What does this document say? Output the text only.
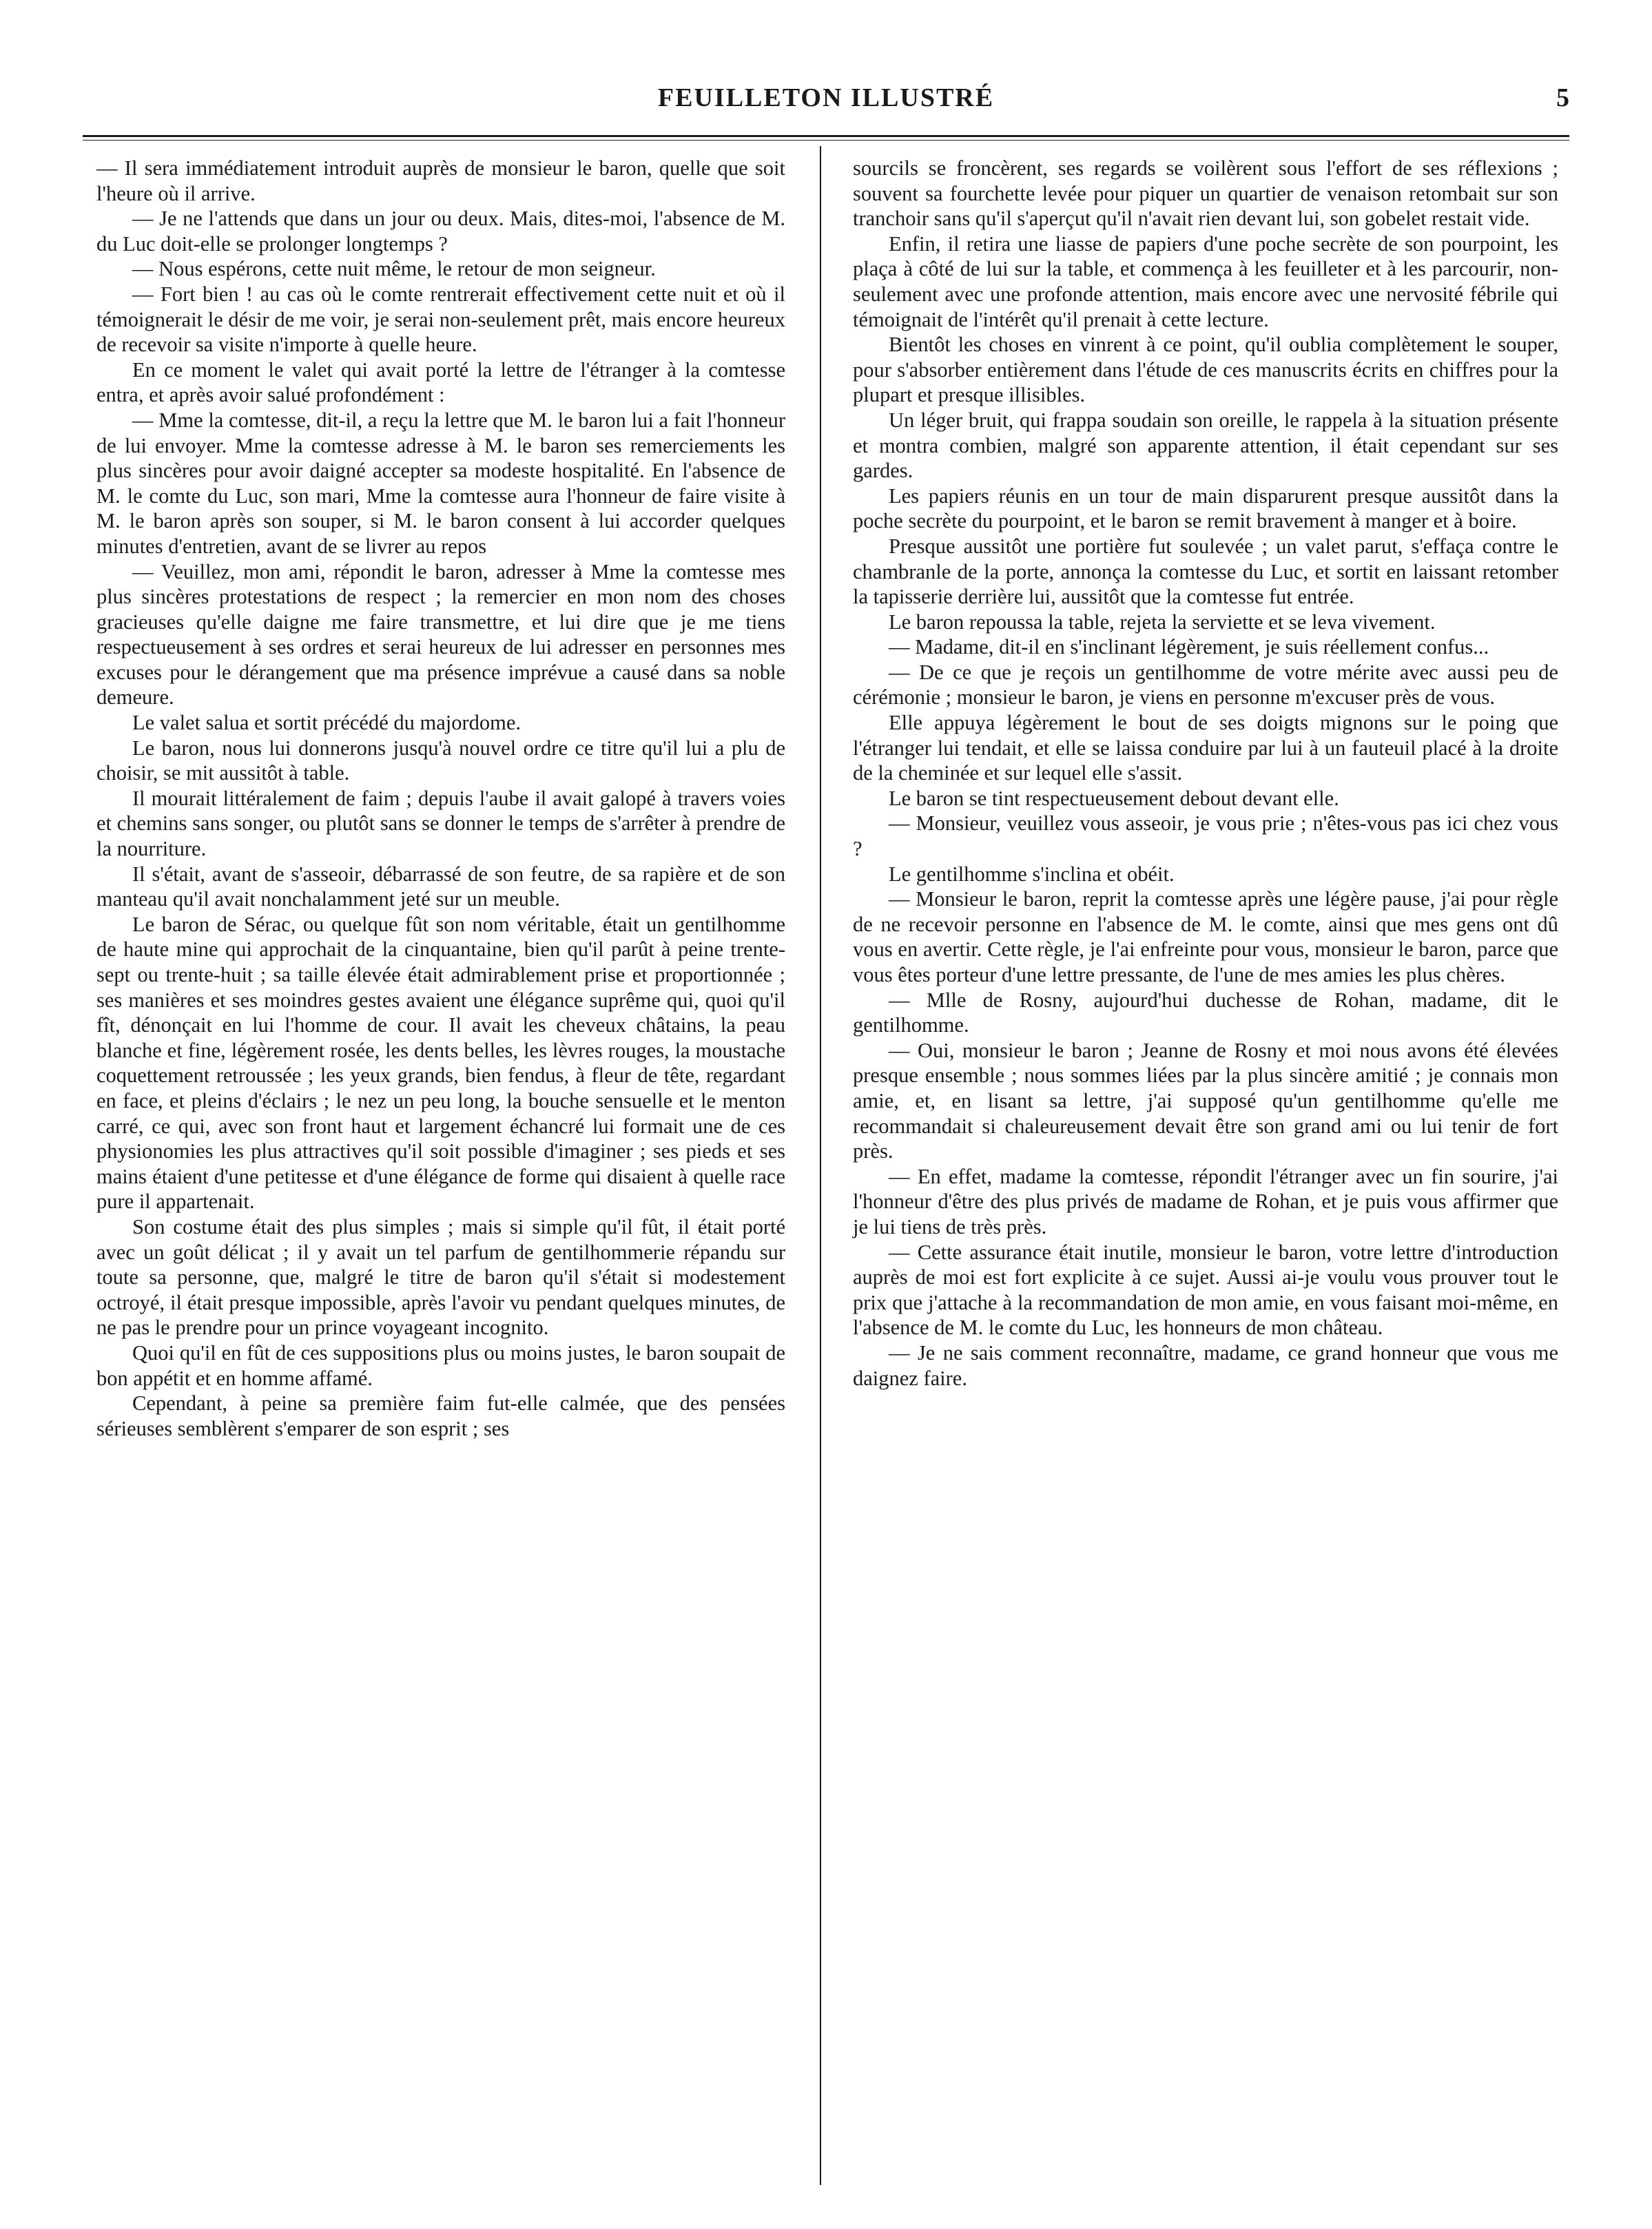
FEUILLETON ILLUSTRÉ	5

— Il sera immédiatement introduit auprès de monsieur le baron, quelle que soit l'heure où il arrive.

— Je ne l'attends que dans un jour ou deux. Mais, dites-moi, l'absence de M. du Luc doit-elle se prolonger longtemps ?

— Nous espérons, cette nuit même, le retour de mon seigneur.

— Fort bien ! au cas où le comte rentrerait effectivement cette nuit et où il témoignerait le désir de me voir, je serai non-seulement prêt, mais encore heureux de recevoir sa visite n'importe à quelle heure.

En ce moment le valet qui avait porté la lettre de l'étranger à la comtesse entra, et après avoir salué profondément :

— Mme la comtesse, dit-il, a reçu la lettre que M. le baron lui a fait l'honneur de lui envoyer. Mme la comtesse adresse à M. le baron ses remerciements les plus sincères pour avoir daigné accepter sa modeste hospitalité. En l'absence de M. le comte du Luc, son mari, Mme la comtesse aura l'honneur de faire visite à M. le baron après son souper, si M. le baron consent à lui accorder quelques minutes d'entretien, avant de se livrer au repos

— Veuillez, mon ami, répondit le baron, adresser à Mme la comtesse mes plus sincères protestations de respect ; la remercier en mon nom des choses gracieuses qu'elle daigne me faire transmettre, et lui dire que je me tiens respectueusement à ses ordres et serai heureux de lui adresser en personnes mes excuses pour le dérangement que ma présence imprévue a causé dans sa noble demeure.

Le valet salua et sortit précédé du majordome.

Le baron, nous lui donnerons jusqu'à nouvel ordre ce titre qu'il lui a plu de choisir, se mit aussitôt à table.

Il mourait littéralement de faim ; depuis l'aube il avait galopé à travers voies et chemins sans songer, ou plutôt sans se donner le temps de s'arrêter à prendre de la nourriture.

Il s'était, avant de s'asseoir, débarrassé de son feutre, de sa rapière et de son manteau qu'il avait nonchalamment jeté sur un meuble.

Le baron de Sérac, ou quelque fût son nom véritable, était un gentilhomme de haute mine qui approchait de la cinquantaine, bien qu'il parût à peine trente-sept ou trente-huit ; sa taille élevée était admirablement prise et proportionnée ; ses manières et ses moindres gestes avaient une élégance suprême qui, quoi qu'il fît, dénonçait en lui l'homme de cour. Il avait les cheveux châtains, la peau blanche et fine, légèrement rosée, les dents belles, les lèvres rouges, la moustache coquettement retroussée ; les yeux grands, bien fendus, à fleur de tête, regardant en face, et pleins d'éclairs ; le nez un peu long, la bouche sensuelle et le menton carré, ce qui, avec son front haut et largement échancré lui formait une de ces physionomies les plus attractives qu'il soit possible d'imaginer ; ses pieds et ses mains étaient d'une petitesse et d'une élégance de forme qui disaient à quelle race pure il appartenait.

Son costume était des plus simples ; mais si simple qu'il fût, il était porté avec un goût délicat ; il y avait un tel parfum de gentilhommerie répandu sur toute sa personne, que, malgré le titre de baron qu'il s'était si modestement octroyé, il était presque impossible, après l'avoir vu pendant quelques minutes, de ne pas le prendre pour un prince voyageant incognito.

Quoi qu'il en fût de ces suppositions plus ou moins justes, le baron soupait de bon appétit et en homme affamé.

Cependant, à peine sa première faim fut-elle calmée, que des pensées sérieuses semblèrent s'emparer de son esprit ; ses

sourcils se froncèrent, ses regards se voilèrent sous l'effort de ses réflexions ; souvent sa fourchette levée pour piquer un quartier de venaison retombait sur son tranchoir sans qu'il s'aperçut qu'il n'avait rien devant lui, son gobelet restait vide.

Enfin, il retira une liasse de papiers d'une poche secrète de son pourpoint, les plaça à côté de lui sur la table, et commença à les feuilleter et à les parcourir, non-seulement avec une profonde attention, mais encore avec une nervosité fébrile qui témoignait de l'intérêt qu'il prenait à cette lecture.

Bientôt les choses en vinrent à ce point, qu'il oublia complètement le souper, pour s'absorber entièrement dans l'étude de ces manuscrits écrits en chiffres pour la plupart et presque illisibles.

Un léger bruit, qui frappa soudain son oreille, le rappela à la situation présente et montra combien, malgré son apparente attention, il était cependant sur ses gardes.

Les papiers réunis en un tour de main disparurent presque aussitôt dans la poche secrète du pourpoint, et le baron se remit bravement à manger et à boire.

Presque aussitôt une portière fut soulevée ; un valet parut, s'effaça contre le chambranle de la porte, annonça la comtesse du Luc, et sortit en laissant retomber la tapisserie derrière lui, aussitôt que la comtesse fut entrée.

Le baron repoussa la table, rejeta la serviette et se leva vivement.

— Madame, dit-il en s'inclinant légèrement, je suis réellement confus...

— De ce que je reçois un gentilhomme de votre mérite avec aussi peu de cérémonie ; monsieur le baron, je viens en personne m'excuser près de vous.

Elle appuya légèrement le bout de ses doigts mignons sur le poing que l'étranger lui tendait, et elle se laissa conduire par lui à un fauteuil placé à la droite de la cheminée et sur lequel elle s'assit.

Le baron se tint respectueusement debout devant elle.

— Monsieur, veuillez vous asseoir, je vous prie ; n'êtes-vous pas ici chez vous ?

Le gentilhomme s'inclina et obéit.

— Monsieur le baron, reprit la comtesse après une légère pause, j'ai pour règle de ne recevoir personne en l'absence de M. le comte, ainsi que mes gens ont dû vous en avertir. Cette règle, je l'ai enfreinte pour vous, monsieur le baron, parce que vous êtes porteur d'une lettre pressante, de l'une de mes amies les plus chères.

— Mlle de Rosny, aujourd'hui duchesse de Rohan, madame, dit le gentilhomme.

— Oui, monsieur le baron ; Jeanne de Rosny et moi nous avons été élevées presque ensemble ; nous sommes liées par la plus sincère amitié ; je connais mon amie, et, en lisant sa lettre, j'ai supposé qu'un gentilhomme qu'elle me recommandait si chaleureusement devait être son grand ami ou lui tenir de fort près.

— En effet, madame la comtesse, répondit l'étranger avec un fin sourire, j'ai l'honneur d'être des plus privés de madame de Rohan, et je puis vous affirmer que je lui tiens de très près.

— Cette assurance était inutile, monsieur le baron, votre lettre d'introduction auprès de moi est fort explicite à ce sujet. Aussi ai-je voulu vous prouver tout le prix que j'attache à la recommandation de mon amie, en vous faisant moi-même, en l'absence de M. le comte du Luc, les honneurs de mon château.

— Je ne sais comment reconnaître, madame, ce grand honneur que vous me daignez faire.
